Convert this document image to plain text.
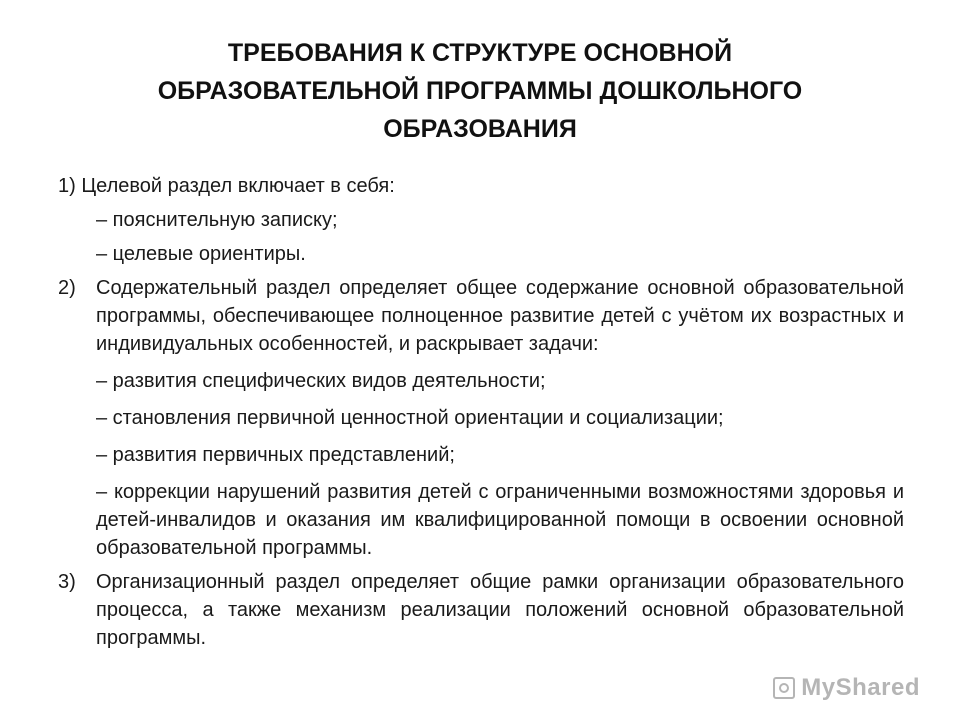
ТРЕБОВАНИЯ К СТРУКТУРЕ ОСНОВНОЙ
ОБРАЗОВАТЕЛЬНОЙ ПРОГРАММЫ ДОШКОЛЬНОГО
ОБРАЗОВАНИЯ
1) Целевой раздел включает в себя:
– пояснительную записку;
– целевые ориентиры.
2) Содержательный раздел определяет общее содержание основной образовательной программы, обеспечивающее полноценное развитие детей с учётом их возрастных и индивидуальных особенностей, и раскрывает задачи:
– развития специфических видов деятельности;
– становления первичной ценностной ориентации и социализации;
– развития первичных представлений;
– коррекции нарушений развития детей с ограниченными возможностями здоровья и детей-инвалидов и оказания им квалифицированной помощи в освоении основной образовательной программы.
3) Организационный раздел определяет общие рамки организации образовательного процесса, а также механизм реализации положений основной образовательной программы.
MyShared
